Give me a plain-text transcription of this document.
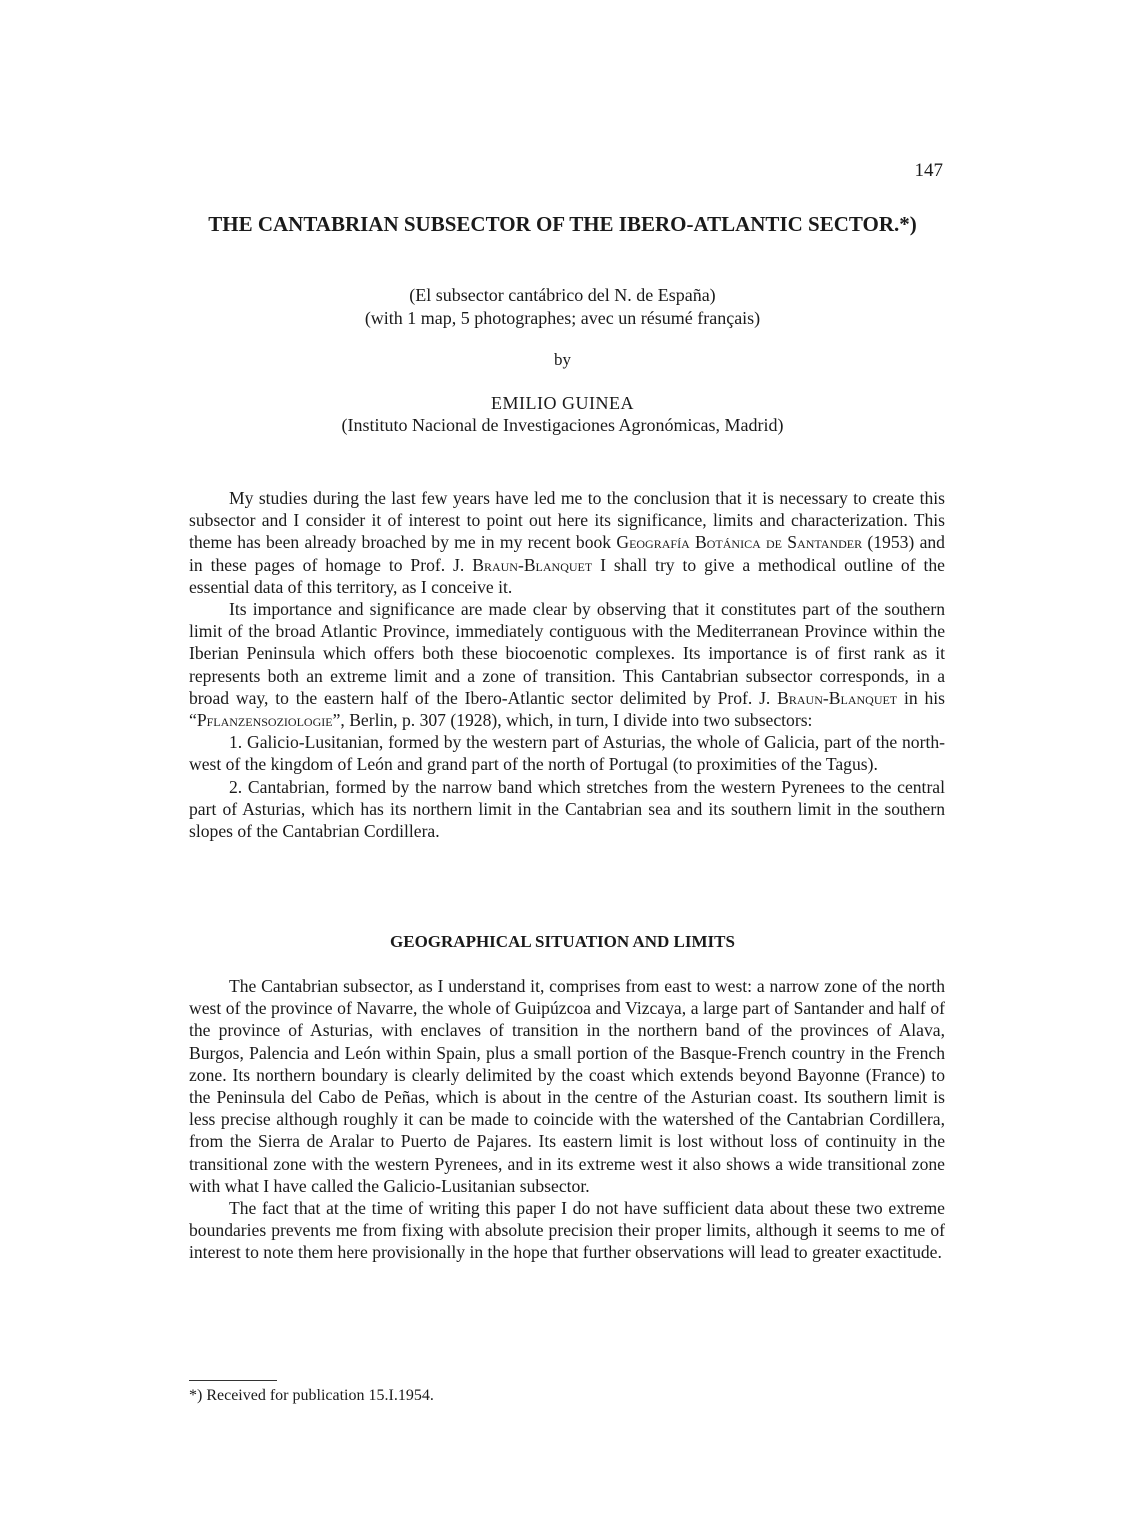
147
THE CANTABRIAN SUBSECTOR OF THE IBERO-ATLANTIC SECTOR.*)
(El subsector cantábrico del N. de España)
(with 1 map, 5 photographes; avec un résumé français)
by
EMILIO GUINEA
(Instituto Nacional de Investigaciones Agronómicas, Madrid)

My studies during the last few years have led me to the conclusion that it is necessary to create this subsector and I consider it of interest to point out here its significance, limits and characterization. This theme has been already broached by me in my recent book Geografía Botánica de Santander (1953) and in these pages of homage to Prof. J. Braun-Blanquet I shall try to give a methodical outline of the essential data of this territory, as I conceive it.

Its importance and significance are made clear by observing that it constitutes part of the southern limit of the broad Atlantic Province, immediately contiguous with the Mediterranean Province within the Iberian Peninsula which offers both these biocoenotic complexes. Its importance is of first rank as it represents both an extreme limit and a zone of transition. This Cantabrian subsector corresponds, in a broad way, to the eastern half of the Ibero-Atlantic sector delimited by Prof. J. Braun-Blanquet in his “Pflanzensoziologie”, Berlin, p. 307 (1928), which, in turn, I divide into two subsectors:

1. Galicio-Lusitanian, formed by the western part of Asturias, the whole of Galicia, part of the north-west of the kingdom of León and grand part of the north of Portugal (to proximities of the Tagus).

2. Cantabrian, formed by the narrow band which stretches from the western Pyrenees to the central part of Asturias, which has its northern limit in the Cantabrian sea and its southern limit in the southern slopes of the Cantabrian Cordillera.

GEOGRAPHICAL SITUATION AND LIMITS

The Cantabrian subsector, as I understand it, comprises from east to west: a narrow zone of the north west of the province of Navarre, the whole of Guipúzcoa and Vizcaya, a large part of Santander and half of the province of Asturias, with enclaves of transition in the northern band of the provinces of Alava, Burgos, Palencia and León within Spain, plus a small portion of the Basque-French country in the French zone. Its northern boundary is clearly delimited by the coast which extends beyond Bayonne (France) to the Peninsula del Cabo de Peñas, which is about in the centre of the Asturian coast. Its southern limit is less precise although roughly it can be made to coincide with the watershed of the Cantabrian Cordillera, from the Sierra de Aralar to Puerto de Pajares. Its eastern limit is lost without loss of continuity in the transitional zone with the western Pyrenees, and in its extreme west it also shows a wide transitional zone with what I have called the Galicio-Lusitanian subsector.

The fact that at the time of writing this paper I do not have sufficient data about these two extreme boundaries prevents me from fixing with absolute precision their proper limits, although it seems to me of interest to note them here provisionally in the hope that further observations will lead to greater exactitude.

*) Received for publication 15.I.1954.
